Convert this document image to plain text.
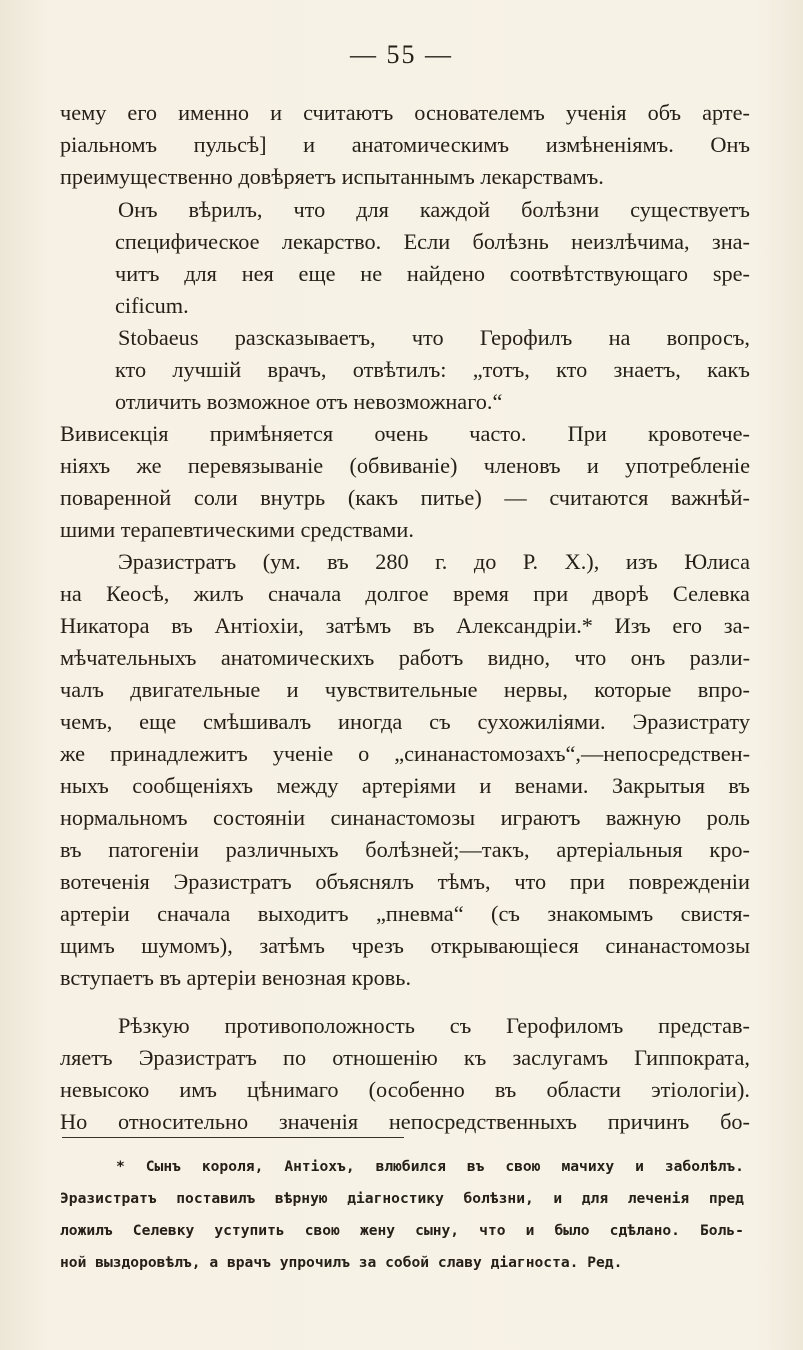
— 55 —
чему его именно и считаютъ основателемъ ученія объ арте-
ріальномъ пульсѣ] и анатомическимъ измѣненіямъ. Онъ
преимущественно довѣряетъ испытаннымъ лекарствамъ.
Онъ вѣрилъ, что для каждой болѣзни существуетъ
специфическое лекарство. Если болѣзнь неизлѣчима, зна-
читъ для нея еще не найдено соотвѣтствующаго spe-
cificum.
Stobaeus разсказываетъ, что Герофилъ на вопросъ,
кто лучшій врачъ, отвѣтилъ: „тотъ, кто знаетъ, какъ
отличить возможное отъ невозможнаго.“
Вивисекція примѣняется очень часто. При кровотече-
ніяхъ же перевязываніе (обвиваніе) членовъ и употребленіе
поваренной соли внутрь (какъ питье) — считаются важнѣй-
шими терапевтическими средствами.
Эразистратъ (ум. въ 280 г. до Р. Х.), изъ Юлиса
на Кеосѣ, жилъ сначала долгое время при дворѣ Селевка
Никатора въ Антіохіи, затѣмъ въ Александріи.* Изъ его за-
мѣчательныхъ анатомическихъ работъ видно, что онъ разли-
чалъ двигательные и чувствительные нервы, которые впро-
чемъ, еще смѣшивалъ иногда съ сухожиліями. Эразистрату
же принадлежитъ ученіе о „синанастомозахъ“,—непосредствен-
ныхъ сообщеніяхъ между артеріями и венами. Закрытыя въ
нормальномъ состояніи синанастомозы играютъ важную роль
въ патогеніи различныхъ болѣзней;—такъ, артеріальныя кро-
вотеченія Эразистратъ объяснялъ тѣмъ, что при поврежденіи
артеріи сначала выходитъ „пневма“ (съ знакомымъ свистя-
щимъ шумомъ), затѣмъ чрезъ открывающіеся синанастомозы
вступаетъ въ артеріи венозная кровь.
Рѣзкую противоположность съ Герофиломъ представ-
ляетъ Эразистратъ по отношенію къ заслугамъ Гиппократа,
невысоко имъ цѣнимаго (особенно въ области этіологіи).
Но относительно значенія непосредственныхъ причинъ бо-
* Сынъ короля, Антіохъ, влюбился въ свою мачиху и заболѣлъ.
Эразистратъ поставилъ вѣрную діагностику болѣзни, и для леченія пред
ложилъ Селевку уступить свою жену сыну, что и было сдѣлано. Боль-
ной выздоровѣлъ, а врачъ упрочилъ за собой славу діагноста. Ред.
